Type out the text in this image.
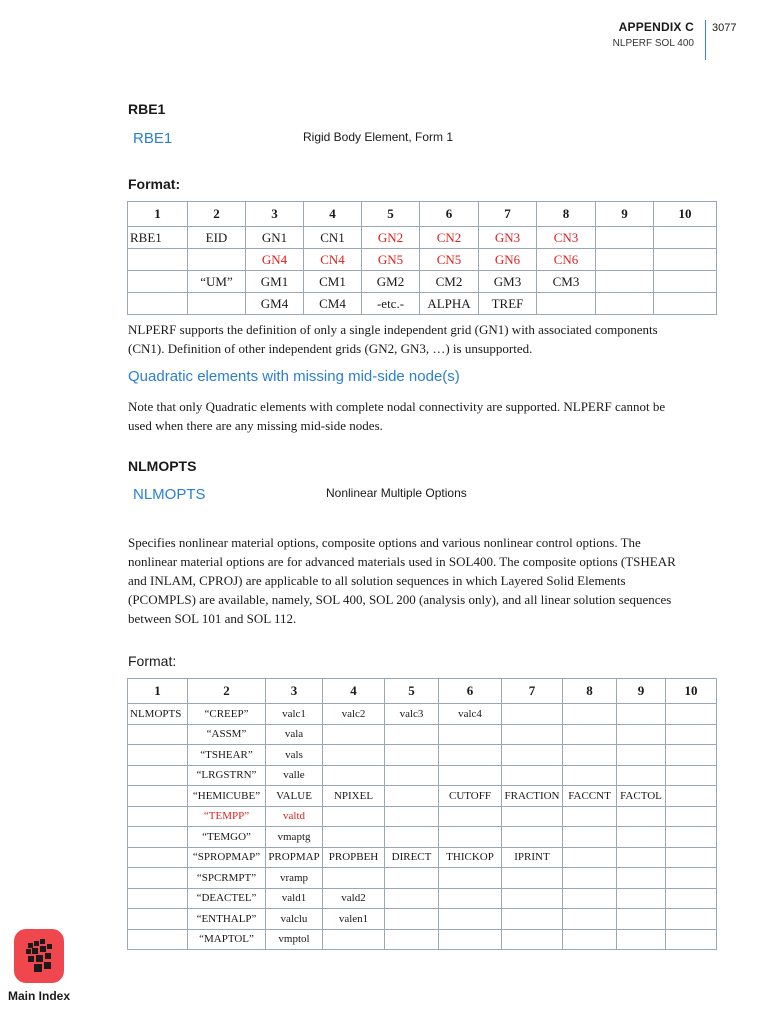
APPENDIX C
NLPERF SOL 400
3077
RBE1
RBE1	Rigid Body Element, Form 1
Format:
1	2	3	4	5	6	7	8	9	10
RBE1	EID	GN1	CN1	GN2	CN2	GN3	CN3		
		GN4	CN4	GN5	CN5	GN6	CN6		
	“UM”	GM1	CM1	GM2	CM2	GM3	CM3		
		GM4	CM4	-etc.-	ALPHA	TREF			
NLPERF supports the definition of only a single independent grid (GN1) with associated components
(CN1). Definition of other independent grids (GN2, GN3, …) is unsupported.
Quadratic elements with missing mid-side node(s)
Note that only Quadratic elements with complete nodal connectivity are supported. NLPERF cannot be
used when there are any missing mid-side nodes.
NLMOPTS
NLMOPTS	Nonlinear Multiple Options
Specifies nonlinear material options, composite options and various nonlinear control options. The
nonlinear material options are for advanced materials used in SOL400. The composite options (TSHEAR
and INLAM, CPROJ) are applicable to all solution sequences in which Layered Solid Elements
(PCOMPLS) are available, namely, SOL 400, SOL 200 (analysis only), and all linear solution sequences
between SOL 101 and SOL 112.
Format:
1	2	3	4	5	6	7	8	9	10
NLMOPTS	“CREEP”	valc1	valc2	valc3	valc4				
	“ASSM”	vala							
	“TSHEAR”	vals							
	“LRGSTRN”	valle							
	“HEMICUBE”	VALUE	NPIXEL		CUTOFF	FRACTION	FACCNT	FACTOL	
	“TEMPP”	valtd							
	“TEMGO”	vmaptg							
	“SPROPMAP”	PROPMAP	PROPBEH	DIRECT	THICKOP	IPRINT			
	“SPCRMPT”	vramp							
	“DEACTEL”	vald1	vald2						
	“ENTHALP”	valclu	valen1						
	“MAPTOL”	vmptol							
Main Index
